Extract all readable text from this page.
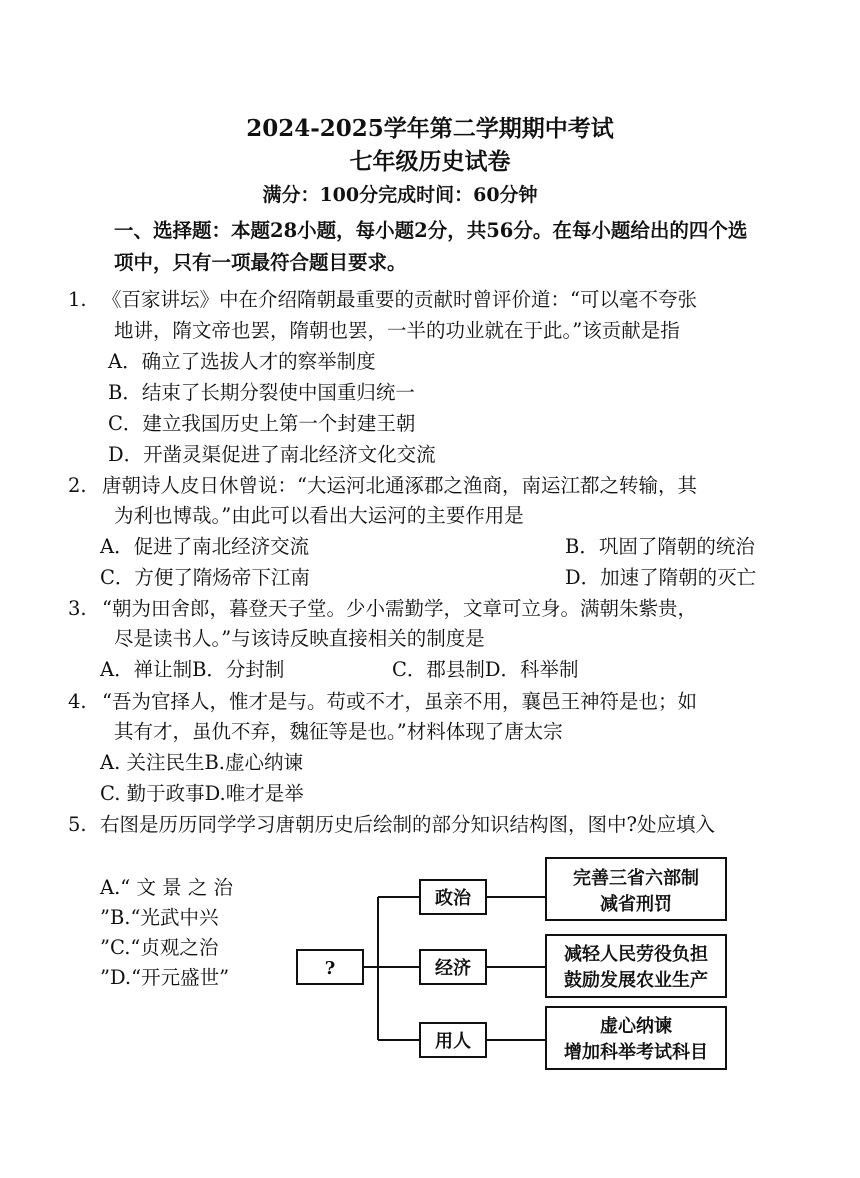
2024-2025学年第二学期期中考试
七年级历史试卷
满分：100分完成时间：60分钟
一、选择题：本题28小题，每小题2分，共56分。在每小题给出的四个选
项中，只有一项最符合题目要求。
1. 《百家讲坛》中在介绍隋朝最重要的贡献时曾评价道：“可以毫不夸张
地讲，隋文帝也罢，隋朝也罢，一半的功业就在于此。”该贡献是指
A．确立了选拔人才的察举制度
B．结束了长期分裂使中国重归统一
C．建立我国历史上第一个封建王朝
D．开凿灵渠促进了南北经济文化交流
2. 唐朝诗人皮日休曾说：“大运河北通涿郡之渔商，南运江都之转输，其
为利也博哉。”由此可以看出大运河的主要作用是
A．促进了南北经济交流	B．巩固了隋朝的统治
C．方便了隋炀帝下江南	D．加速了隋朝的灭亡
3. “朝为田舍郎，暮登天子堂。少小需勤学，文章可立身。满朝朱紫贵，
尽是读书人。”与该诗反映直接相关的制度是
A．禅让制B．分封制	C．郡县制D．科举制
4. “吾为官择人，惟才是与。苟或不才，虽亲不用，襄邑王神符是也；如
其有才，虽仇不弃，魏征等是也。”材料体现了唐太宗
A. 关注民生B.虚心纳谏
C. 勤于政事D.唯才是举
5. 右图是历历同学学习唐朝历史后绘制的部分知识结构图，图中?处应填入
A.“ 文 景 之 治
”B.“光武中兴
”C.“贞观之治
”D.“开元盛世”	?
政治
经济
用人
完善三省六部制
减省刑罚
减轻人民劳役负担
鼓励发展农业生产
虚心纳谏
增加科举考试科目
